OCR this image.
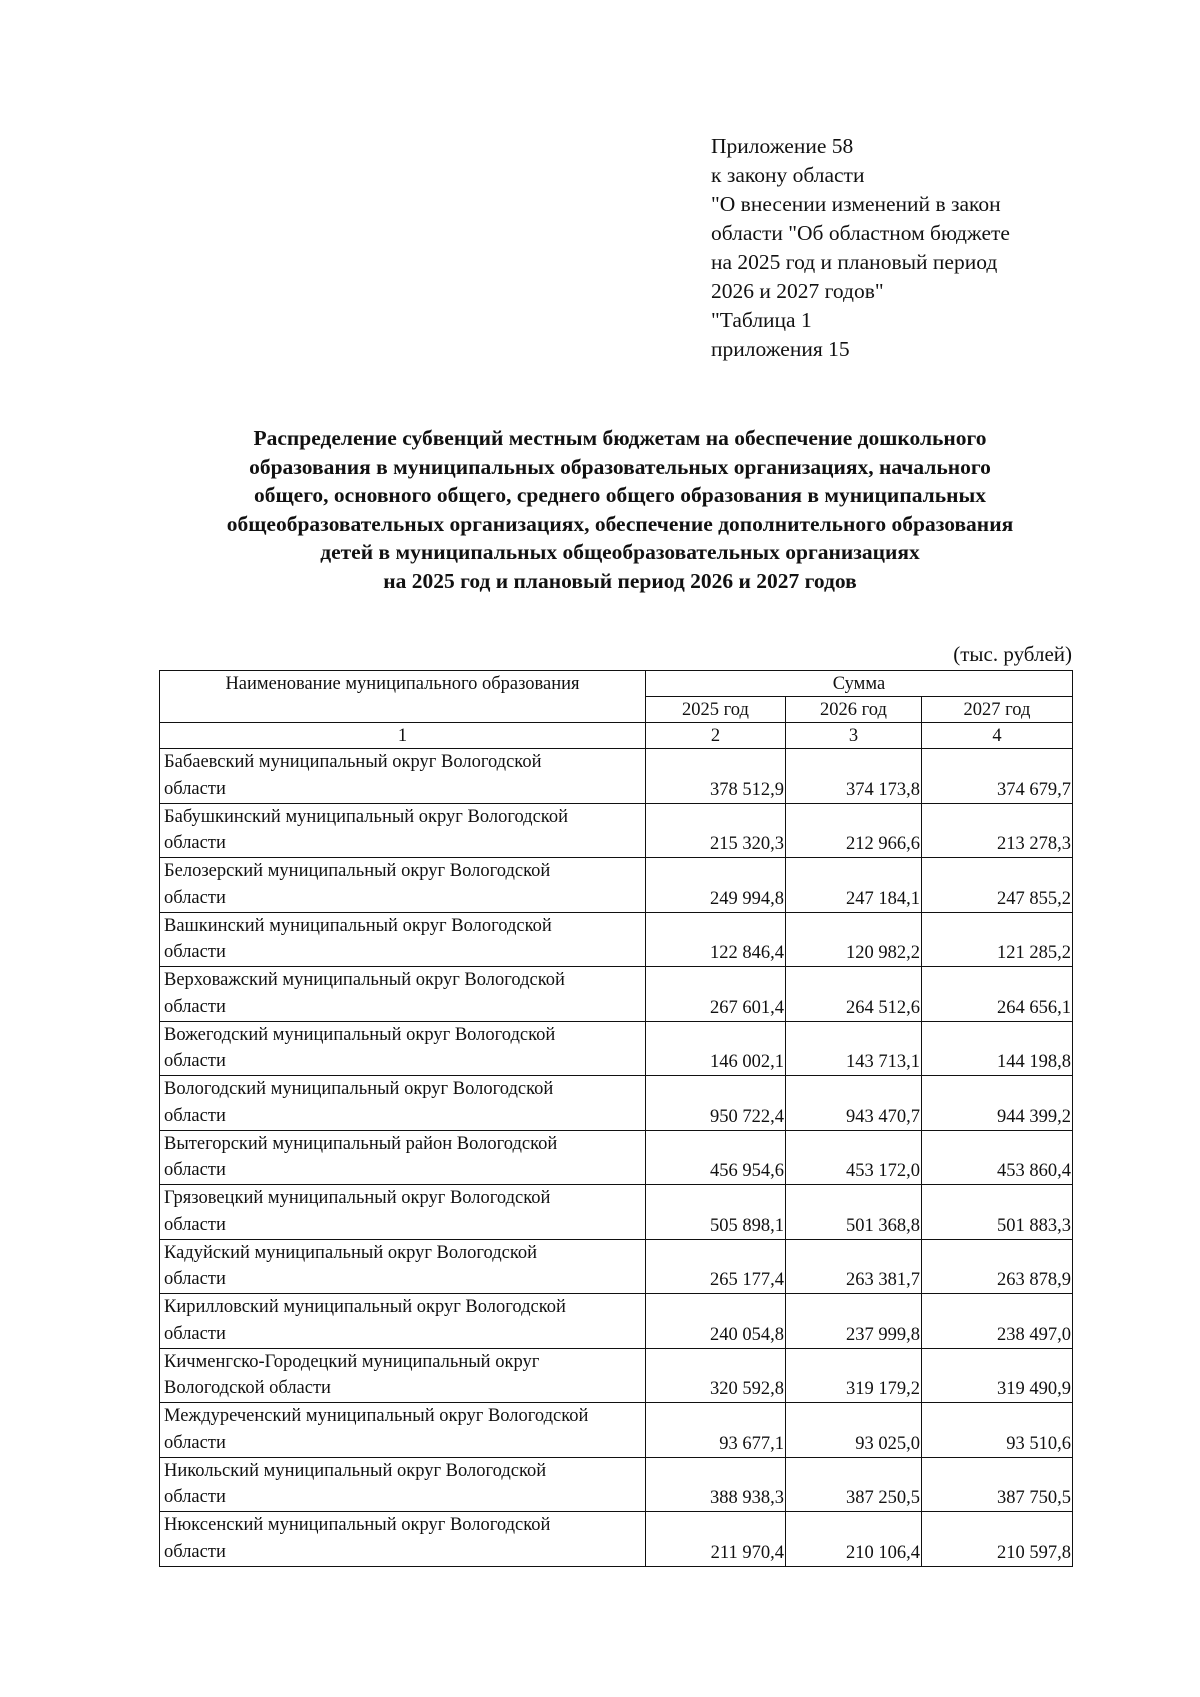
Приложение 58
к закону области
"О внесении изменений в закон
области "Об областном бюджете
на 2025 год и плановый период
2026 и 2027 годов"
"Таблица 1
приложения 15
Распределение субвенций местным бюджетам на обеспечение дошкольного
образования в муниципальных образовательных организациях, начального
общего, основного общего, среднего общего образования в муниципальных
общеобразовательных организациях, обеспечение дополнительного образования
детей в муниципальных общеобразовательных организациях
на 2025 год и плановый период 2026 и 2027 годов
(тыс. рублей)
Наименование муниципального образования	Сумма		
	2025 год	2026 год	2027 год
1	2	3	4

Бабаевский муниципальный округ Вологодской
области	378 512,9	374 173,8	374 679,7

Бабушкинский муниципальный округ Вологодской
области	215 320,3	212 966,6	213 278,3

Белозерский муниципальный округ Вологодской
области	249 994,8	247 184,1	247 855,2

Вашкинский муниципальный округ Вологодской
области	122 846,4	120 982,2	121 285,2

Верховажский муниципальный округ Вологодской
области	267 601,4	264 512,6	264 656,1

Вожегодский муниципальный округ Вологодской
области	146 002,1	143 713,1	144 198,8

Вологодский муниципальный округ Вологодской
области	950 722,4	943 470,7	944 399,2

Вытегорский муниципальный район Вологодской
области	456 954,6	453 172,0	453 860,4

Грязовецкий муниципальный округ Вологодской
области	505 898,1	501 368,8	501 883,3

Кадуйский муниципальный округ Вологодской
области	265 177,4	263 381,7	263 878,9

Кирилловский муниципальный округ Вологодской
области	240 054,8	237 999,8	238 497,0

Кичменгско-Городецкий муниципальный округ
Вологодской области	320 592,8	319 179,2	319 490,9

Междуреченский муниципальный округ Вологодской
области	93 677,1	93 025,0	93 510,6

Никольский муниципальный округ Вологодской
области	388 938,3	387 250,5	387 750,5

Нюксенский муниципальный округ Вологодской
области	211 970,4	210 106,4	210 597,8
